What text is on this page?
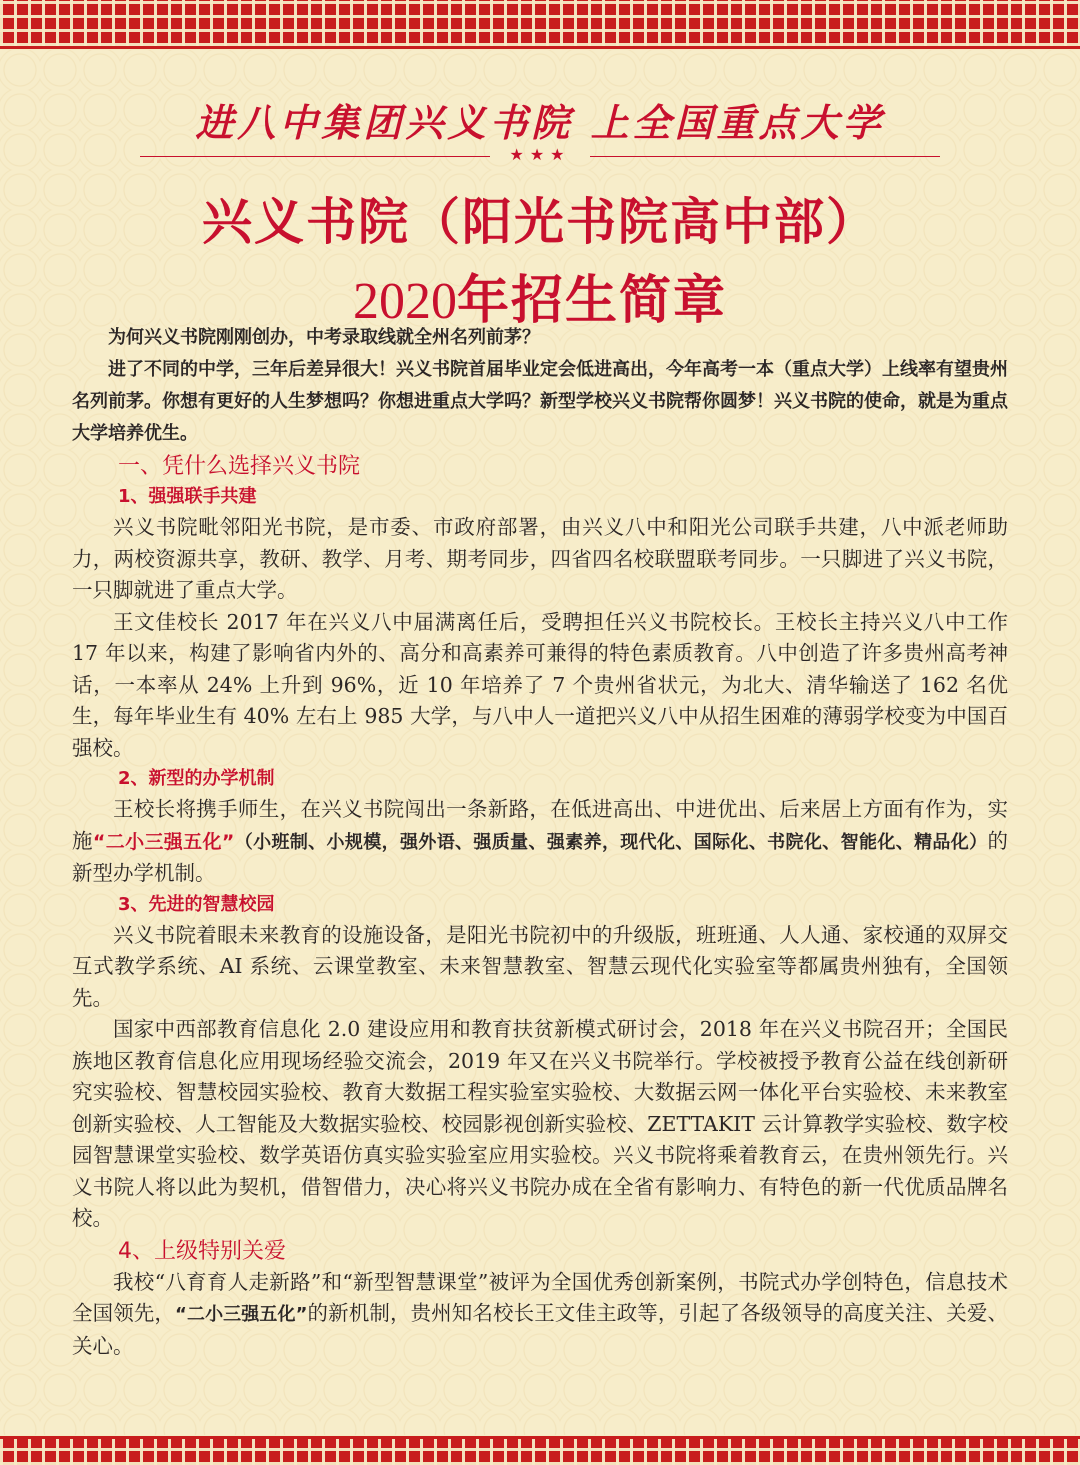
进八中集团兴义书院 上全国重点大学
★★★
兴义书院（阳光书院高中部）
2020年招生简章

为何兴义书院刚刚创办，中考录取线就全州名列前茅？

进了不同的中学，三年后差异很大！兴义书院首届毕业定会低进高出，今年高考一本（重点大学）上线率有望贵州名列前茅。你想有更好的人生梦想吗？你想进重点大学吗？新型学校兴义书院帮你圆梦！兴义书院的使命，就是为重点大学培养优生。

一、凭什么选择兴义书院
1、强强联手共建

兴义书院毗邻阳光书院，是市委、市政府部署，由兴义八中和阳光公司联手共建，八中派老师助力，两校资源共享，教研、教学、月考、期考同步，四省四名校联盟联考同步。一只脚进了兴义书院，一只脚就进了重点大学。

王文佳校长 2017 年在兴义八中届满离任后，受聘担任兴义书院校长。王校长主持兴义八中工作 17 年以来，构建了影响省内外的、高分和高素养可兼得的特色素质教育。八中创造了许多贵州高考神话，一本率从 24% 上升到 96%，近 10 年培养了 7 个贵州省状元，为北大、清华输送了 162 名优生，每年毕业生有 40% 左右上 985 大学，与八中人一道把兴义八中从招生困难的薄弱学校变为中国百强校。

2、新型的办学机制

王校长将携手师生，在兴义书院闯出一条新路，在低进高出、中进优出、后来居上方面有作为，实施“二小三强五化”（小班制、小规模，强外语、强质量、强素养，现代化、国际化、书院化、智能化、精品化）的新型办学机制。

3、先进的智慧校园

兴义书院着眼未来教育的设施设备，是阳光书院初中的升级版，班班通、人人通、家校通的双屏交互式教学系统、AI 系统、云课堂教室、未来智慧教室、智慧云现代化实验室等都属贵州独有，全国领先。

国家中西部教育信息化 2.0 建设应用和教育扶贫新模式研讨会，2018 年在兴义书院召开；全国民族地区教育信息化应用现场经验交流会，2019 年又在兴义书院举行。学校被授予教育公益在线创新研究实验校、智慧校园实验校、教育大数据工程实验室实验校、大数据云网一体化平台实验校、未来教室创新实验校、人工智能及大数据实验校、校园影视创新实验校、ZETTAKIT 云计算教学实验校、数字校园智慧课堂实验校、数学英语仿真实验实验室应用实验校。兴义书院将乘着教育云，在贵州领先行。兴义书院人将以此为契机，借智借力，决心将兴义书院办成在全省有影响力、有特色的新一代优质品牌名校。

4、上级特别关爱

我校“八育育人走新路”和“新型智慧课堂”被评为全国优秀创新案例，书院式办学创特色，信息技术全国领先，“二小三强五化”的新机制，贵州知名校长王文佳主政等，引起了各级领导的高度关注、关爱、关心。
